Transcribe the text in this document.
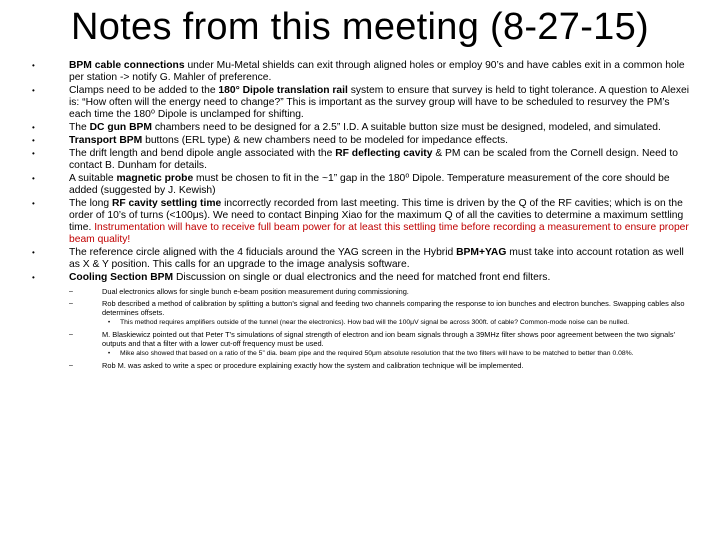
Notes from this meeting (8-27-15)
•	BPM cable connections under Mu-Metal shields can exit through aligned holes or employ 90’s and have cables exit in a common hole per station -> notify G. Mahler of preference.
•	Clamps need to be added to the 180° Dipole translation rail system to ensure that survey is held to tight tolerance. A question to Alexei is: “How often will the energy need to change?” This is important as the survey group will have to be scheduled to resurvey the PM’s each time the 180⁰ Dipole is unclamped for shifting.
•	The DC gun BPM chambers need to be designed for a 2.5” I.D. A suitable button size must be designed, modeled, and simulated.
•	Transport BPM buttons (ERL type) & new chambers need to be modeled for impedance effects.
•	The drift length and bend dipole angle associated with the RF deflecting cavity & PM can be scaled from the Cornell design. Need to contact B. Dunham for details.
•	A suitable magnetic probe must be chosen to fit in the ~1” gap in the 180⁰ Dipole. Temperature measurement of the core should be added (suggested by J. Kewish)
•	The long RF cavity settling time incorrectly recorded from last meeting. This time is driven by the Q of the RF cavities; which is on the order of 10’s of turns (<100μs). We need to contact Binping Xiao for the maximum Q of all the cavities to determine a maximum settling time. Instrumentation will have to receive full beam power for at least this settling time before recording a measurement to ensure proper beam quality!
•	The reference circle aligned with the 4 fiducials around the YAG screen in the Hybrid BPM+YAG must take into account rotation as well as X & Y position. This calls for an upgrade to the image analysis software.
•	Cooling Section BPM Discussion on single or dual electronics and the need for matched front end filters.
–	Dual electronics allows for single bunch e-beam position measurement during commissioning.
–	Rob described a method of calibration by splitting a button’s signal and feeding two channels comparing the response to ion bunches and electron bunches. Swapping cables also determines offsets.
• This method requires amplifiers outside of the tunnel (near the electronics). How bad will the 100μV signal be across 300ft. of cable? Common-mode noise can be nulled.
–	M. Blaskiewicz pointed out that Peter T’s simulations of signal strength of electron and ion beam signals through a 39MHz filter shows poor agreement between the two signals’ outputs and that a filter with a lower cut-off frequency must be used.
• Mike also showed that based on a ratio of the 5” dia. beam pipe and the required 50μm absolute resolution that the two filters will have to be matched to better than 0.08%.
–	Rob M. was asked to write a spec or procedure explaining exactly how the system and calibration technique will be implemented.
